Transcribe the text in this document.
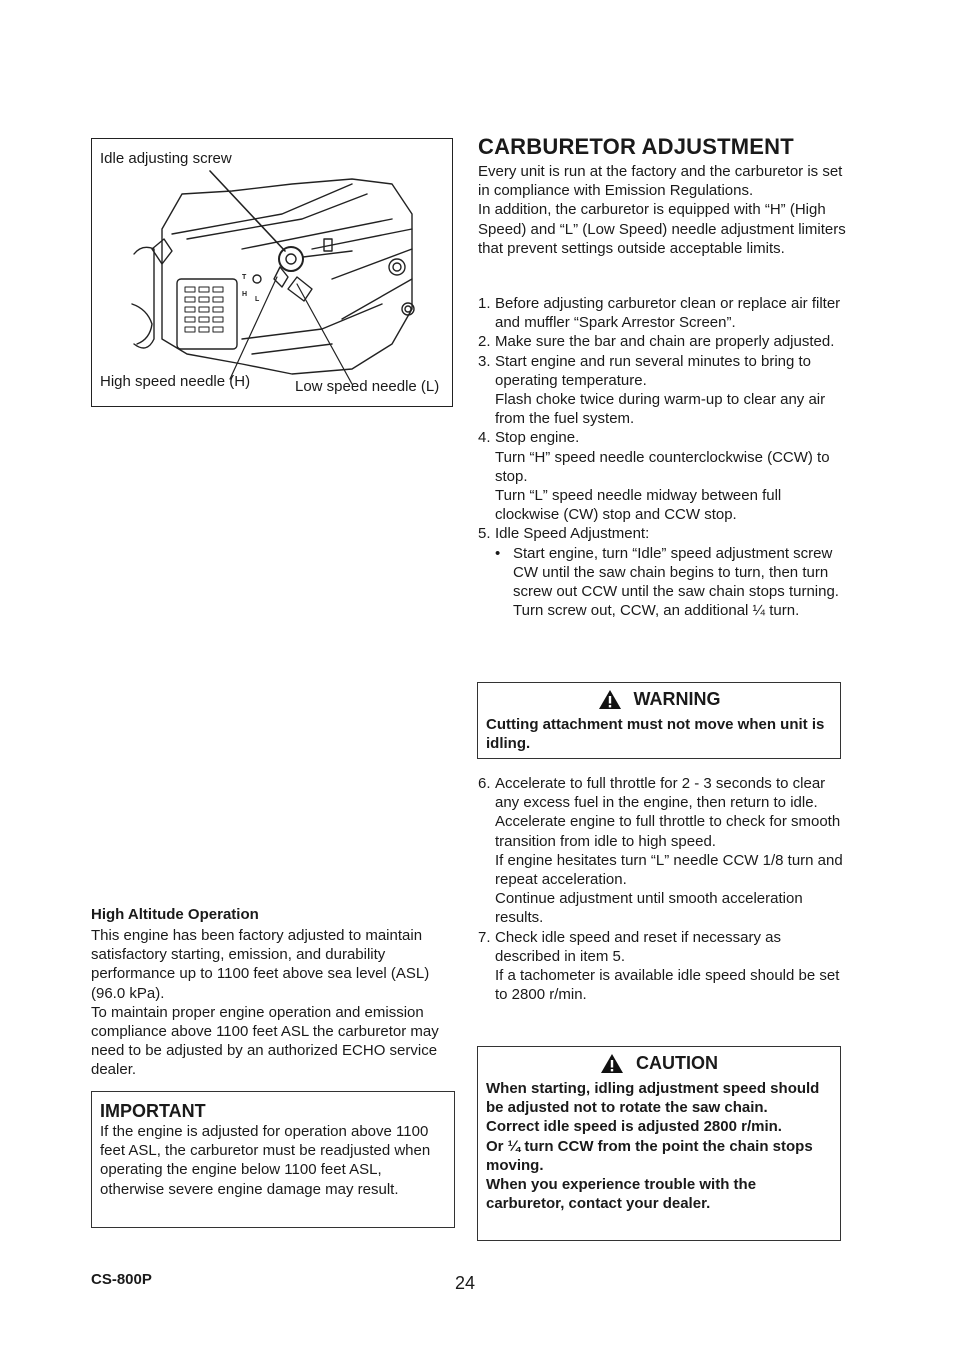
T
H
L
Idle adjusting screw
High speed needle (H)	Low speed needle (L)
CARBURETOR ADJUSTMENT

Every unit is run at the factory and the carburetor is set in compliance with Emission Regulations.

In addition, the carburetor is equipped with “H” (High Speed) and “L” (Low Speed) needle adjustment limiters that prevent settings outside acceptable limits.

1. Before adjusting carburetor clean or replace air filter and muffler “Spark Arrestor Screen”.

2. Make sure the bar and chain are properly adjusted.

3. Start engine and run several minutes to bring to operating temperature.

Flash choke twice during warm-up to clear any air from the fuel system.

4. Stop engine.

Turn “H” speed needle counterclockwise (CCW) to stop.

Turn “L” speed needle midway between full clockwise (CW) stop and CCW stop.

5. Idle Speed Adjustment:

• Start engine, turn “Idle” speed adjustment screw CW until the saw chain begins to turn, then turn screw out CCW until the saw chain stops turning.

Turn screw out, CCW, an additional ¼ turn.

WARNING
Cutting attachment must not move when unit is idling.
6. Accelerate to full throttle for 2 - 3 seconds to clear any excess fuel in the engine, then return to idle.

Accelerate engine to full throttle to check for smooth transition from idle to high speed.

If engine hesitates turn “L” needle CCW 1/8 turn and repeat acceleration.

Continue adjustment until smooth acceleration results.

7. Check idle speed and reset if necessary as described in item 5.

If a tachometer is available idle speed should be set to 2800 r/min.

CAUTION

When starting, idling adjustment speed should be adjusted not to rotate the saw chain.

Correct idle speed is adjusted 2800 r/min.

Or ¼ turn CCW from the point the chain stops moving.

When you experience trouble with the carburetor, contact your dealer.

High Altitude Operation

This engine has been factory adjusted to maintain satisfactory starting, emission, and durability performance up to 1100 feet above sea level (ASL) (96.0 kPa).

To maintain proper engine operation and emission compliance above 1100 feet ASL the carburetor may need to be adjusted by an authorized ECHO service dealer.

IMPORTANT
If the engine is adjusted for operation above 1100 feet ASL, the carburetor must be readjusted when operating the engine below 1100 feet ASL, otherwise severe engine damage may result.
CS-800P	24
